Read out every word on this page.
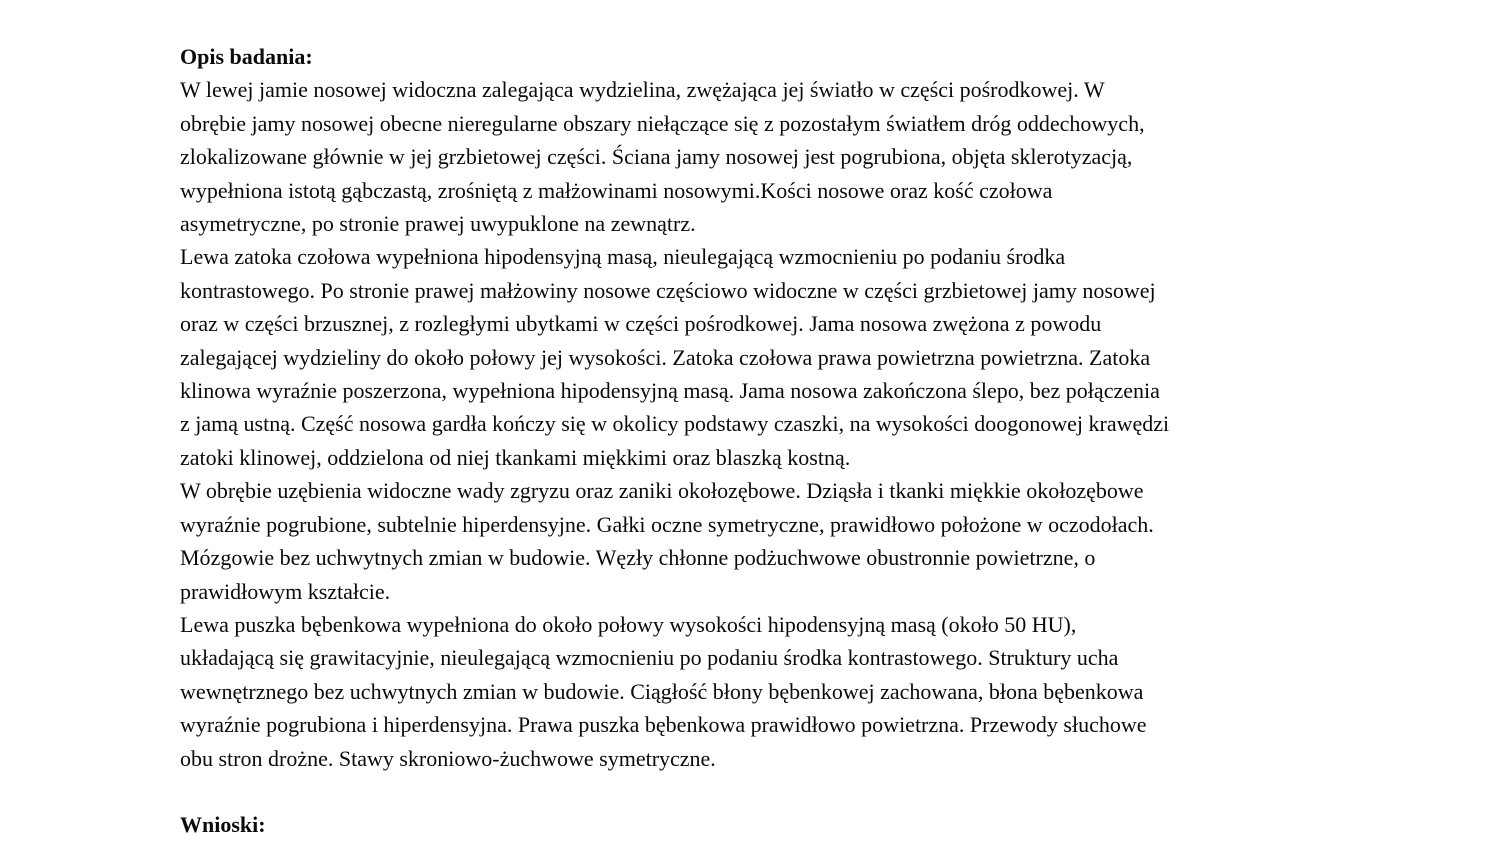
Opis badania:
W lewej jamie nosowej widoczna zalegająca wydzielina, zwężająca jej światło w części pośrodkowej. W
obrębie jamy nosowej obecne nieregularne obszary niełączące się z pozostałym światłem dróg oddechowych,
zlokalizowane głównie w jej grzbietowej części. Ściana jamy nosowej jest pogrubiona, objęta sklerotyzacją,
wypełniona istotą gąbczastą, zrośniętą z małżowinami nosowymi.Kości nosowe oraz kość czołowa
asymetryczne, po stronie prawej uwypuklone na zewnątrz.
Lewa zatoka czołowa wypełniona hipodensyjną masą, nieulegającą wzmocnieniu po podaniu środka
kontrastowego. Po stronie prawej małżowiny nosowe częściowo widoczne w części grzbietowej jamy nosowej
oraz w części brzusznej, z rozległymi ubytkami w części pośrodkowej. Jama nosowa zwężona z powodu
zalegającej wydzieliny do około połowy jej wysokości. Zatoka czołowa prawa powietrzna powietrzna. Zatoka
klinowa wyraźnie poszerzona, wypełniona hipodensyjną masą. Jama nosowa zakończona ślepo, bez połączenia
z jamą ustną. Część nosowa gardła kończy się w okolicy podstawy czaszki, na wysokości doogonowej krawędzi
zatoki klinowej, oddzielona od niej tkankami miękkimi oraz blaszką kostną.
W obrębie uzębienia widoczne wady zgryzu oraz zaniki okołozębowe. Dziąsła i tkanki miękkie okołozębowe
wyraźnie pogrubione, subtelnie hiperdensyjne. Gałki oczne symetryczne, prawidłowo położone w oczodołach.
Mózgowie bez uchwytnych zmian w budowie. Węzły chłonne podżuchwowe obustronnie powietrzne, o
prawidłowym kształcie.
Lewa puszka bębenkowa wypełniona do około połowy wysokości hipodensyjną masą (około 50 HU),
układającą się grawitacyjnie, nieulegającą wzmocnieniu po podaniu środka kontrastowego. Struktury ucha
wewnętrznego bez uchwytnych zmian w budowie. Ciągłość błony bębenkowej zachowana, błona bębenkowa
wyraźnie pogrubiona i hiperdensyjna. Prawa puszka bębenkowa prawidłowo powietrzna. Przewody słuchowe
obu stron drożne. Stawy skroniowo-żuchwowe symetryczne.
Wnioski:
